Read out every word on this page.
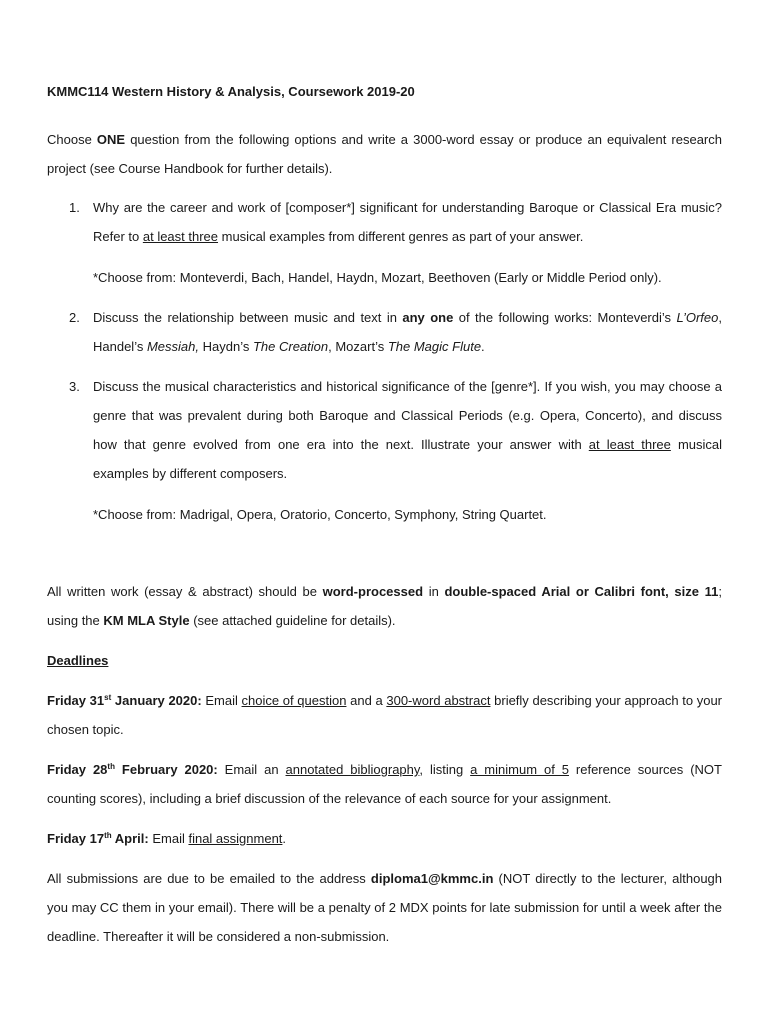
KMMC114 Western History & Analysis, Coursework 2019-20

Choose ONE question from the following options and write a 3000-word essay or produce an equivalent research project (see Course Handbook for further details).

1. Why are the career and work of [composer*] significant for understanding Baroque or Classical Era music? Refer to at least three musical examples from different genres as part of your answer.

*Choose from: Monteverdi, Bach, Handel, Haydn, Mozart, Beethoven (Early or Middle Period only).

2. Discuss the relationship between music and text in any one of the following works: Monteverdi’s L’Orfeo, Handel’s Messiah, Haydn’s The Creation, Mozart’s The Magic Flute.

3. Discuss the musical characteristics and historical significance of the [genre*]. If you wish, you may choose a genre that was prevalent during both Baroque and Classical Periods (e.g. Opera, Concerto), and discuss how that genre evolved from one era into the next. Illustrate your answer with at least three musical examples by different composers.

*Choose from: Madrigal, Opera, Oratorio, Concerto, Symphony, String Quartet.

All written work (essay & abstract) should be word-processed in double-spaced Arial or Calibri font, size 11; using the KM MLA Style (see attached guideline for details).

Deadlines

Friday 31st January 2020: Email choice of question and a 300-word abstract briefly describing your approach to your chosen topic.

Friday 28th February 2020: Email an annotated bibliography, listing a minimum of 5 reference sources (NOT counting scores), including a brief discussion of the relevance of each source for your assignment.

Friday 17th April: Email final assignment.

All submissions are due to be emailed to the address diploma1@kmmc.in (NOT directly to the lecturer, although you may CC them in your email). There will be a penalty of 2 MDX points for late submission for until a week after the deadline. Thereafter it will be considered a non-submission.
